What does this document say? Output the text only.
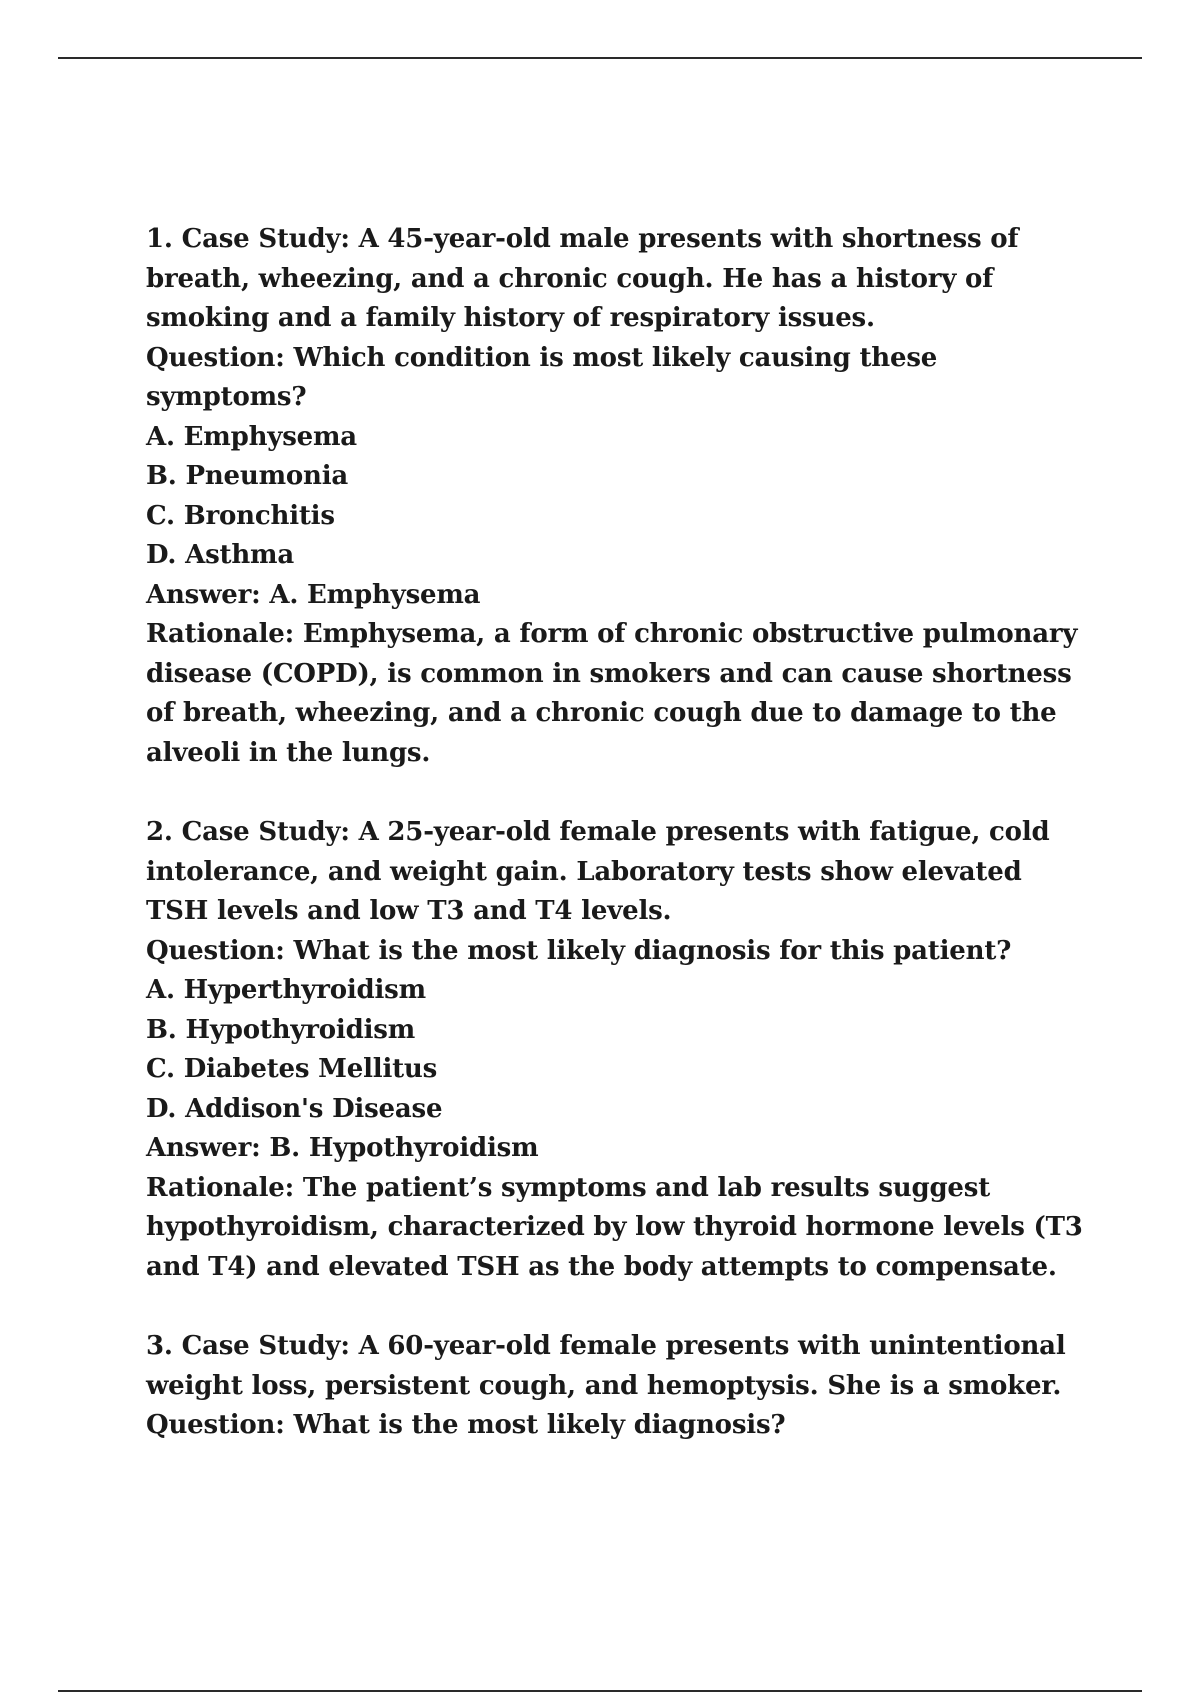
1. Case Study: A 45-year-old male presents with shortness of breath, wheezing, and a chronic cough. He has a history of smoking and a family history of respiratory issues.

Question: Which condition is most likely causing these symptoms?

A. Emphysema

B. Pneumonia

C. Bronchitis

D. Asthma

Answer: A. Emphysema

Rationale: Emphysema, a form of chronic obstructive pulmonary disease (COPD), is common in smokers and can cause shortness of breath, wheezing, and a chronic cough due to damage to the alveoli in the lungs.

2. Case Study: A 25-year-old female presents with fatigue, cold intolerance, and weight gain. Laboratory tests show elevated TSH levels and low T3 and T4 levels.

Question: What is the most likely diagnosis for this patient?

A. Hyperthyroidism

B. Hypothyroidism

C. Diabetes Mellitus

D. Addison's Disease

Answer: B. Hypothyroidism

Rationale: The patient’s symptoms and lab results suggest hypothyroidism, characterized by low thyroid hormone levels (T3 and T4) and elevated TSH as the body attempts to compensate.

3. Case Study: A 60-year-old female presents with unintentional weight loss, persistent cough, and hemoptysis. She is a smoker.

Question: What is the most likely diagnosis?
